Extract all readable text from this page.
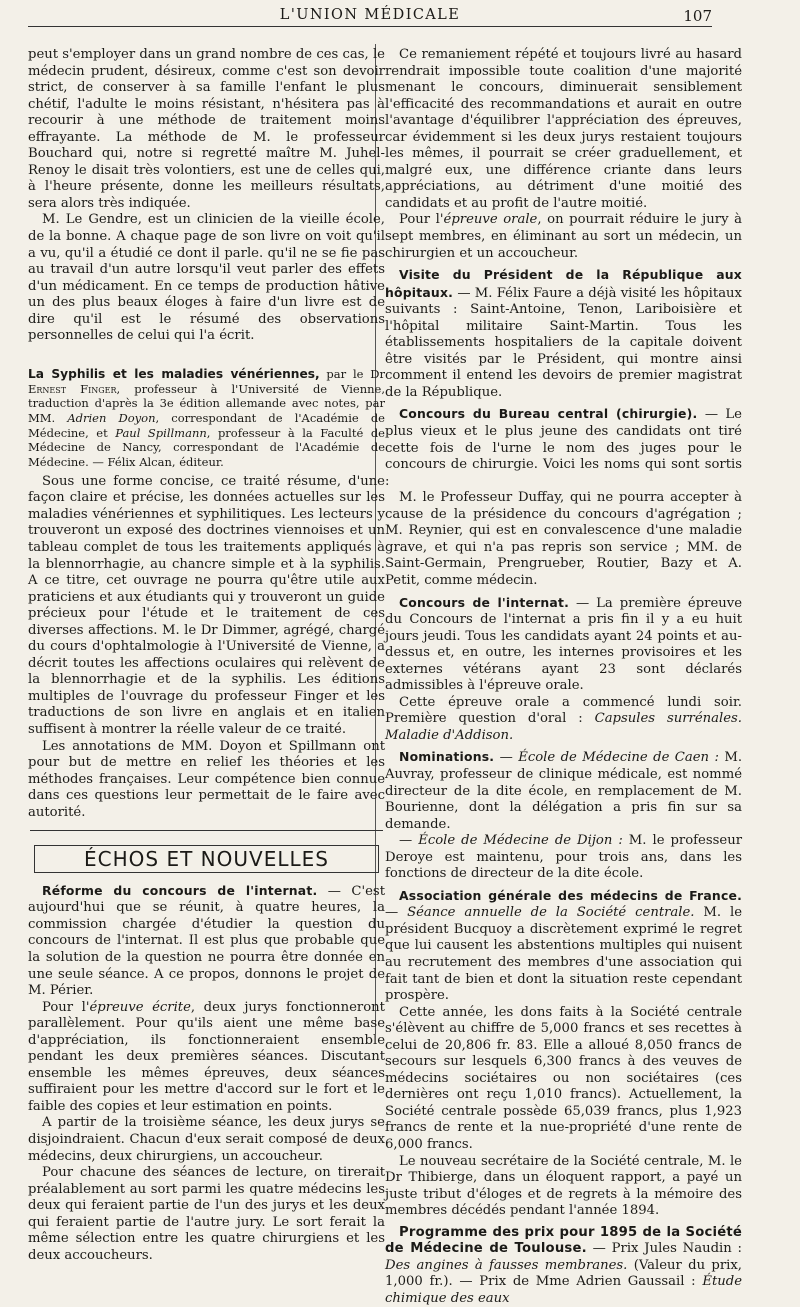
L'UNION MÉDICALE	107

peut s'employer dans un grand nombre de ces cas, le médecin prudent, désireux, comme c'est son devoir strict, de conserver à sa famille l'enfant le plus chétif, l'adulte le moins résistant, n'hésitera pas à recourir à une méthode de traitement moins effrayante. La méthode de M. le professeur Bouchard qui, notre si regretté maître M. Juhel-Renoy le disait très volontiers, est une de celles qui, à l'heure présente, donne les meilleurs résultats, sera alors très indiquée.

M. Le Gendre, est un clinicien de la vieille école, de la bonne. A chaque page de son livre on voit qu'il a vu, qu'il a étudié ce dont il parle. qu'il ne se fie pas au travail d'un autre lorsqu'il veut parler des effets d'un médicament. En ce temps de production hâtive un des plus beaux éloges à faire d'un livre est de dire qu'il est le résumé des observations personnelles de celui qui l'a écrit.

La Syphilis et les maladies vénériennes, par le Dr Ernest Finger, professeur à l'Université de Vienne, traduction d'après la 3e édition allemande avec notes, par MM. Adrien Doyon, correspondant de l'Académie de Médecine, et Paul Spillmann, professeur à la Faculté de Médecine de Nancy, correspondant de l'Académie de Médecine. — Félix Alcan, éditeur.

Sous une forme concise, ce traité résume, d'une façon claire et précise, les données actuelles sur les maladies vénériennes et syphilitiques. Les lecteurs y trouveront un exposé des doctrines viennoises et un tableau complet de tous les traitements appliqués à la blennorrhagie, au chancre simple et à la syphilis. A ce titre, cet ouvrage ne pourra qu'être utile aux praticiens et aux étudiants qui y trouveront un guide précieux pour l'étude et le traitement de ces diverses affections. M. le Dr Dimmer, agrégé, chargé du cours d'ophtalmologie à l'Université de Vienne, a décrit toutes les affections oculaires qui relèvent de la blennorrhagie et de la syphilis. Les éditions multiples de l'ouvrage du professeur Finger et les traductions de son livre en anglais et en italien suffisent à montrer la réelle valeur de ce traité.

Les annotations de MM. Doyon et Spillmann ont pour but de mettre en relief les théories et les méthodes françaises. Leur compétence bien connue dans ces questions leur permettait de le faire avec autorité.

ÉCHOS ET NOUVELLES

Réforme du concours de l'internat. — C'est aujourd'hui que se réunit, à quatre heures, la commission chargée d'étudier la question du concours de l'internat. Il est plus que probable que la solution de la question ne pourra être donnée en une seule séance. A ce propos, donnons le projet de M. Périer.

Pour l'épreuve écrite, deux jurys fonctionneront parallèlement. Pour qu'ils aient une même base d'appréciation, ils fonctionneraient ensemble pendant les deux premières séances. Discutant ensemble les mêmes épreuves, deux séances suffiraient pour les mettre d'accord sur le fort et le faible des copies et leur estimation en points.

A partir de la troisième séance, les deux jurys se disjoindraient. Chacun d'eux serait composé de deux médecins, deux chirurgiens, un accoucheur.

Pour chacune des séances de lecture, on tirerait préalablement au sort parmi les quatre médecins les deux qui feraient partie de l'un des jurys et les deux qui feraient partie de l'autre jury. Le sort ferait la même sélection entre les quatre chirurgiens et les deux accoucheurs.

Ce remaniement répété et toujours livré au hasard rendrait impossible toute coalition d'une majorité menant le concours, diminuerait sensiblement l'efficacité des recommandations et aurait en outre l'avantage d'équilibrer l'appréciation des épreuves, car évidemment si les deux jurys restaient toujours les mêmes, il pourrait se créer graduellement, et malgré eux, une différence criante dans leurs appréciations, au détriment d'une moitié des candidats et au profit de l'autre moitié.

Pour l'épreuve orale, on pourrait réduire le jury à sept membres, en éliminant au sort un médecin, un chirurgien et un accoucheur.

Visite du Président de la République aux hôpitaux. — M. Félix Faure a déjà visité les hôpitaux suivants : Saint-Antoine, Tenon, Lariboisière et l'hôpital militaire Saint-Martin. Tous les établissements hospitaliers de la capitale doivent être visités par le Président, qui montre ainsi comment il entend les devoirs de premier magistrat de la République.

Concours du Bureau central (chirurgie). — Le plus vieux et le plus jeune des candidats ont tiré cette fois de l'urne le nom des juges pour le concours de chirurgie. Voici les noms qui sont sortis :

M. le Professeur Duffay, qui ne pourra accepter à cause de la présidence du concours d'agrégation ; M. Reynier, qui est en convalescence d'une maladie grave, et qui n'a pas repris son service ; MM. de Saint-Germain, Prengrueber, Routier, Bazy et A. Petit, comme médecin.

Concours de l'internat. — La première épreuve du Concours de l'internat a pris fin il y a eu huit jours jeudi. Tous les candidats ayant 24 points et au-dessus et, en outre, les internes provisoires et les externes vétérans ayant 23 sont déclarés admissibles à l'épreuve orale.

Cette épreuve orale a commencé lundi soir. Première question d'oral : Capsules surrénales. Maladie d'Addison.

Nominations. — École de Médecine de Caen : M. Auvray, professeur de clinique médicale, est nommé directeur de la dite école, en remplacement de M. Bourienne, dont la délégation a pris fin sur sa demande.

— École de Médecine de Dijon : M. le professeur Deroye est maintenu, pour trois ans, dans les fonctions de directeur de la dite école.

Association générale des médecins de France. — Séance annuelle de la Société centrale. M. le président Bucquoy a discrètement exprimé le regret que lui causent les abstentions multiples qui nuisent au recrutement des membres d'une association qui fait tant de bien et dont la situation reste cependant prospère.

Cette année, les dons faits à la Société centrale s'élèvent au chiffre de 5,000 francs et ses recettes à celui de 20,806 fr. 83. Elle a alloué 8,050 francs de secours sur lesquels 6,300 francs à des veuves de médecins sociétaires ou non sociétaires (ces dernières ont reçu 1,010 francs). Actuellement, la Société centrale possède 65,039 francs, plus 1,923 francs de rente et la nue-propriété d'une rente de 6,000 francs.

Le nouveau secrétaire de la Société centrale, M. le Dr Thibierge, dans un éloquent rapport, a payé un juste tribut d'éloges et de regrets à la mémoire des membres décédés pendant l'année 1894.

Programme des prix pour 1895 de la Société de Médecine de Toulouse. — Prix Jules Naudin : Des angines à fausses membranes. (Valeur du prix, 1,000 fr.). — Prix de Mme Adrien Gaussail : Étude chimique des eaux
